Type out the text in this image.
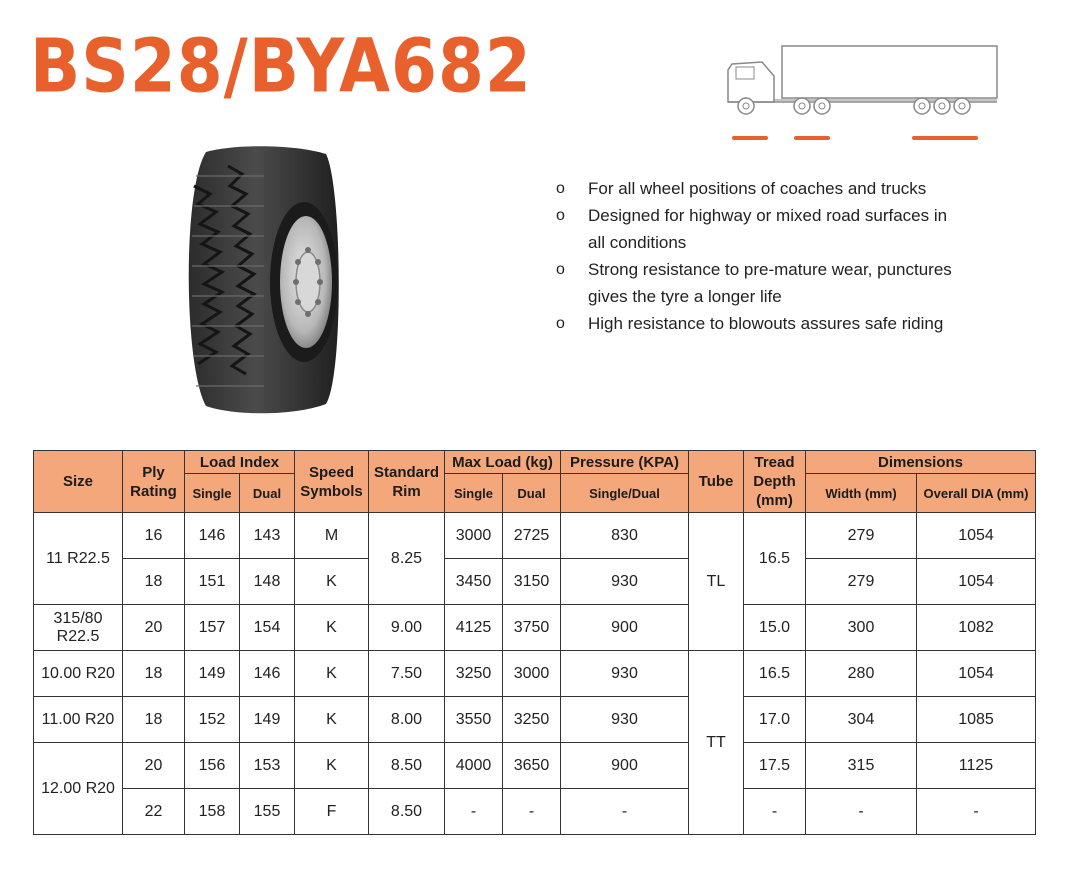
BS28/BYA682
o For all wheel positions of coaches and trucks
o Designed for highway or mixed road surfaces in all conditions
o Strong resistance to pre-mature wear, punctures gives the tyre a longer life
o High resistance to blowouts assures safe riding
Size	Ply Rating	Load Index		Speed Symbols	Standard Rim	Max Load (kg)		Pressure (KPA)	Tube	Tread Depth (mm)	Dimensions	
		Single	Dual			Single	Dual	Single/Dual			Width (mm)	Overall DIA (mm)
11 R22.5	16	146	143	M	8.25	3000	2725	830	TL	16.5	279	1054
	18	151	148	K		3450	3150	930			279	1054
315/80 R22.5	20	157	154	K	9.00	4125	3750	900		15.0	300	1082
10.00 R20	18	149	146	K	7.50	3250	3000	930	TT	16.5	280	1054
11.00 R20	18	152	149	K	8.00	3550	3250	930		17.0	304	1085
12.00 R20	20	156	153	K	8.50	4000	3650	900		17.5	315	1125
	22	158	155	F	8.50	-	-	-		-	-	-
